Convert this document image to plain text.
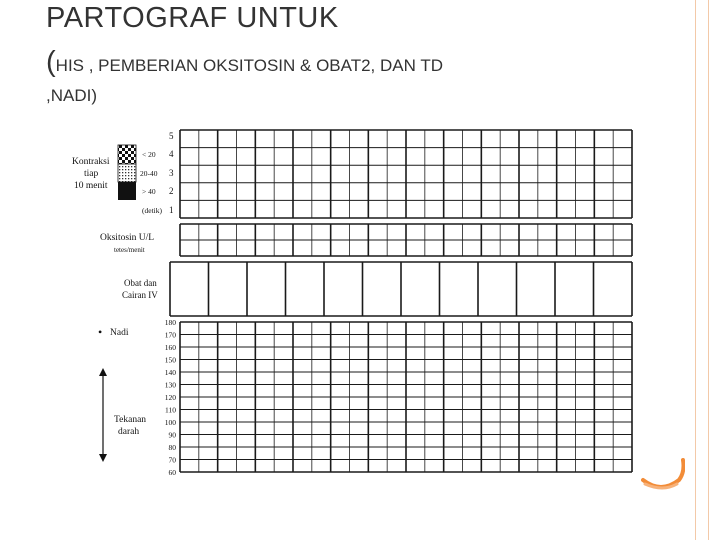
PARTOGRAF UNTUK
(HIS , PEMBERIAN OKSITOSIN & OBAT2, DAN TD
,NADI)
Kontraksi
tiap
10 menit
< 20
20-40
> 40
(detik)
5
4
3
2
1
Oksitosin U/L
tetes/menit
Obat dan
Cairan IV
• Nadi
Tekanan
darah
180
170
160
150
140
130
120
110
100
90
80
70
60
